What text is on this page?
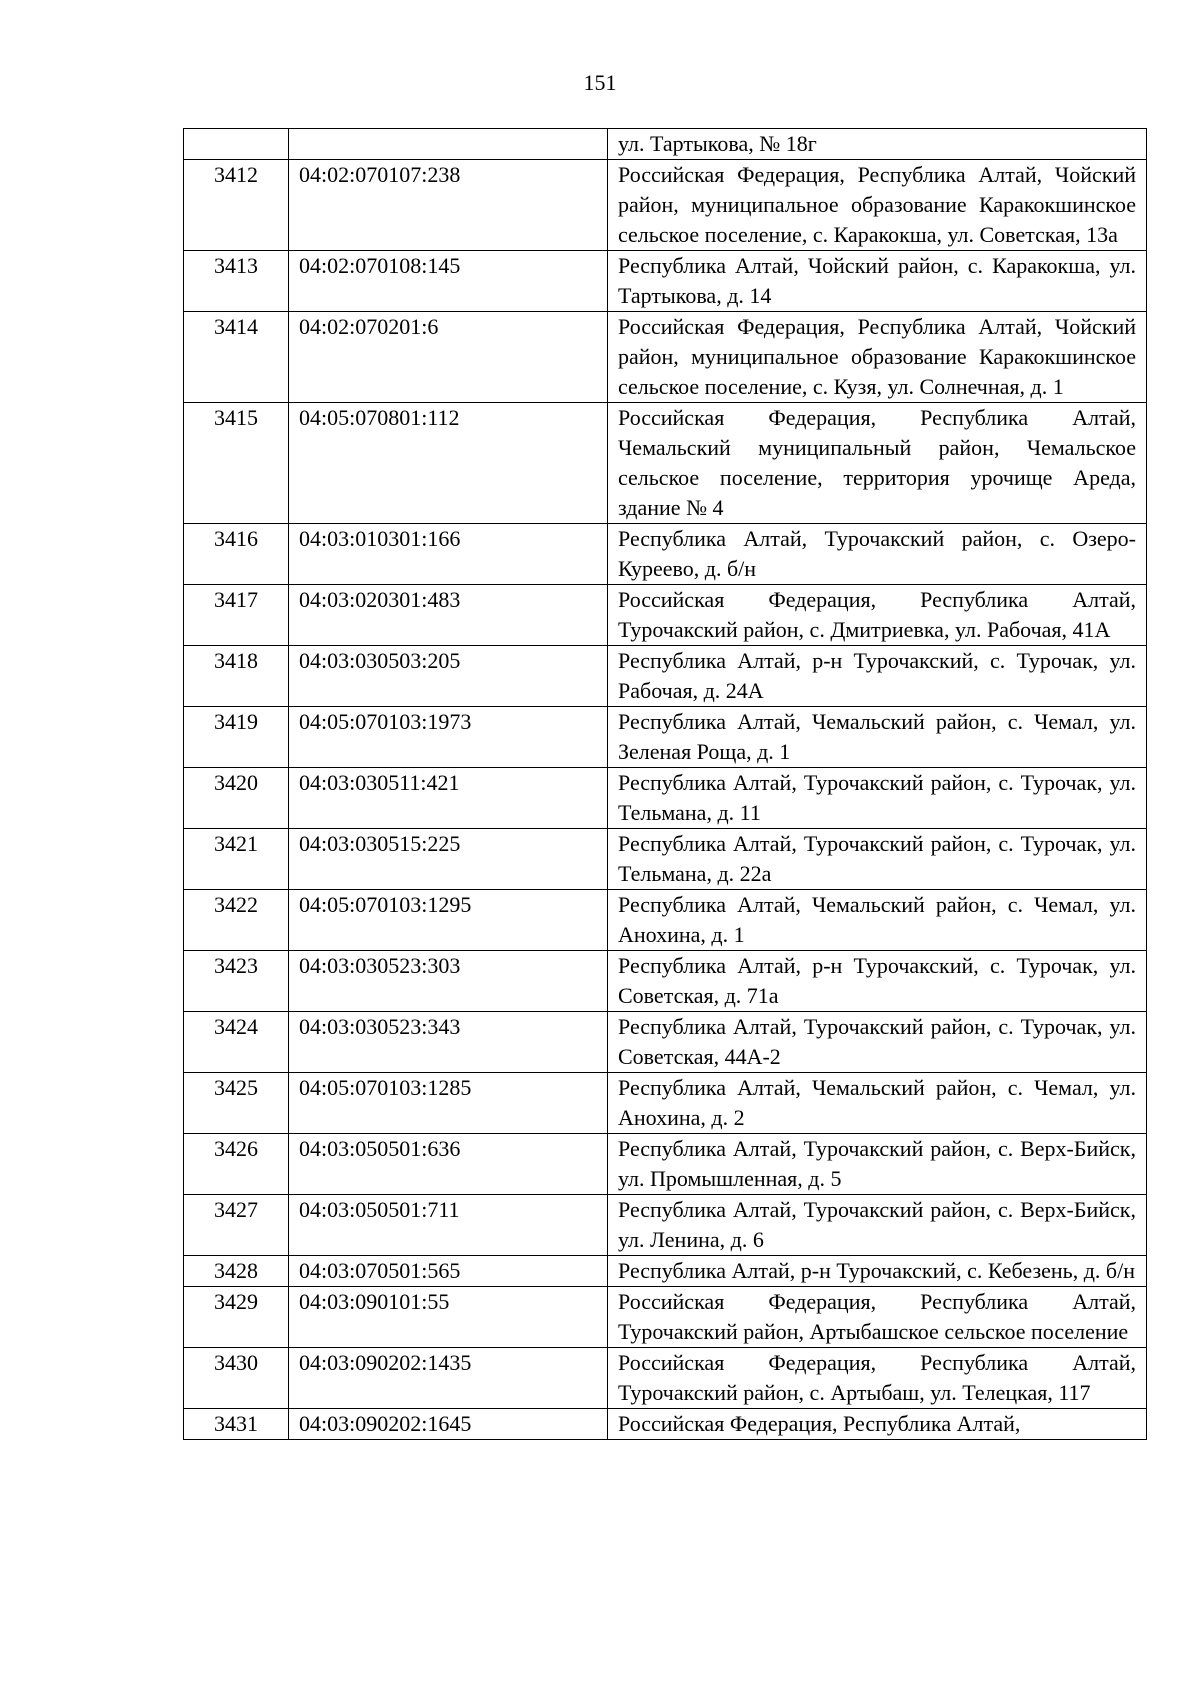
151
		ул. Тартыкова, № 18г
3412	04:02:070107:238	Российская Федерация, Республика Алтай, Чойский район, муниципальное образование Каракокшинское сельское поселение, с. Каракокша, ул. Советская, 13а
3413	04:02:070108:145	Республика Алтай, Чойский район, с. Каракокша, ул. Тартыкова, д. 14
3414	04:02:070201:6	Российская Федерация, Республика Алтай, Чойский район, муниципальное образование Каракокшинское сельское поселение, с. Кузя, ул. Солнечная, д. 1
3415	04:05:070801:112	Российская Федерация, Республика Алтай, Чемальский муниципальный район, Чемальское сельское поселение, территория урочище Ареда, здание № 4
3416	04:03:010301:166	Республика Алтай, Турочакский район, с. Озеро-Куреево, д. б/н
3417	04:03:020301:483	Российская Федерация, Республика Алтай, Турочакский район, с. Дмитриевка, ул. Рабочая, 41А
3418	04:03:030503:205	Республика Алтай, р-н Турочакский, с. Турочак, ул. Рабочая, д. 24А
3419	04:05:070103:1973	Республика Алтай, Чемальский район, с. Чемал, ул. Зеленая Роща, д. 1
3420	04:03:030511:421	Республика Алтай, Турочакский район, с. Турочак, ул. Тельмана, д. 11
3421	04:03:030515:225	Республика Алтай, Турочакский район, с. Турочак, ул. Тельмана, д. 22а
3422	04:05:070103:1295	Республика Алтай, Чемальский район, с. Чемал, ул. Анохина, д. 1
3423	04:03:030523:303	Республика Алтай, р-н Турочакский, с. Турочак, ул. Советская, д. 71а
3424	04:03:030523:343	Республика Алтай, Турочакский район, с. Турочак, ул. Советская, 44А-2
3425	04:05:070103:1285	Республика Алтай, Чемальский район, с. Чемал, ул. Анохина, д. 2
3426	04:03:050501:636	Республика Алтай, Турочакский район, с. Верх-Бийск, ул. Промышленная, д. 5
3427	04:03:050501:711	Республика Алтай, Турочакский район, с. Верх-Бийск, ул. Ленина, д. 6
3428	04:03:070501:565	Республика Алтай, р-н Турочакский, с. Кебезень, д. б/н
3429	04:03:090101:55	Российская Федерация, Республика Алтай, Турочакский район, Артыбашское сельское поселение
3430	04:03:090202:1435	Российская Федерация, Республика Алтай, Турочакский район, с. Артыбаш, ул. Телецкая, 117
3431	04:03:090202:1645	Российская Федерация, Республика Алтай,
